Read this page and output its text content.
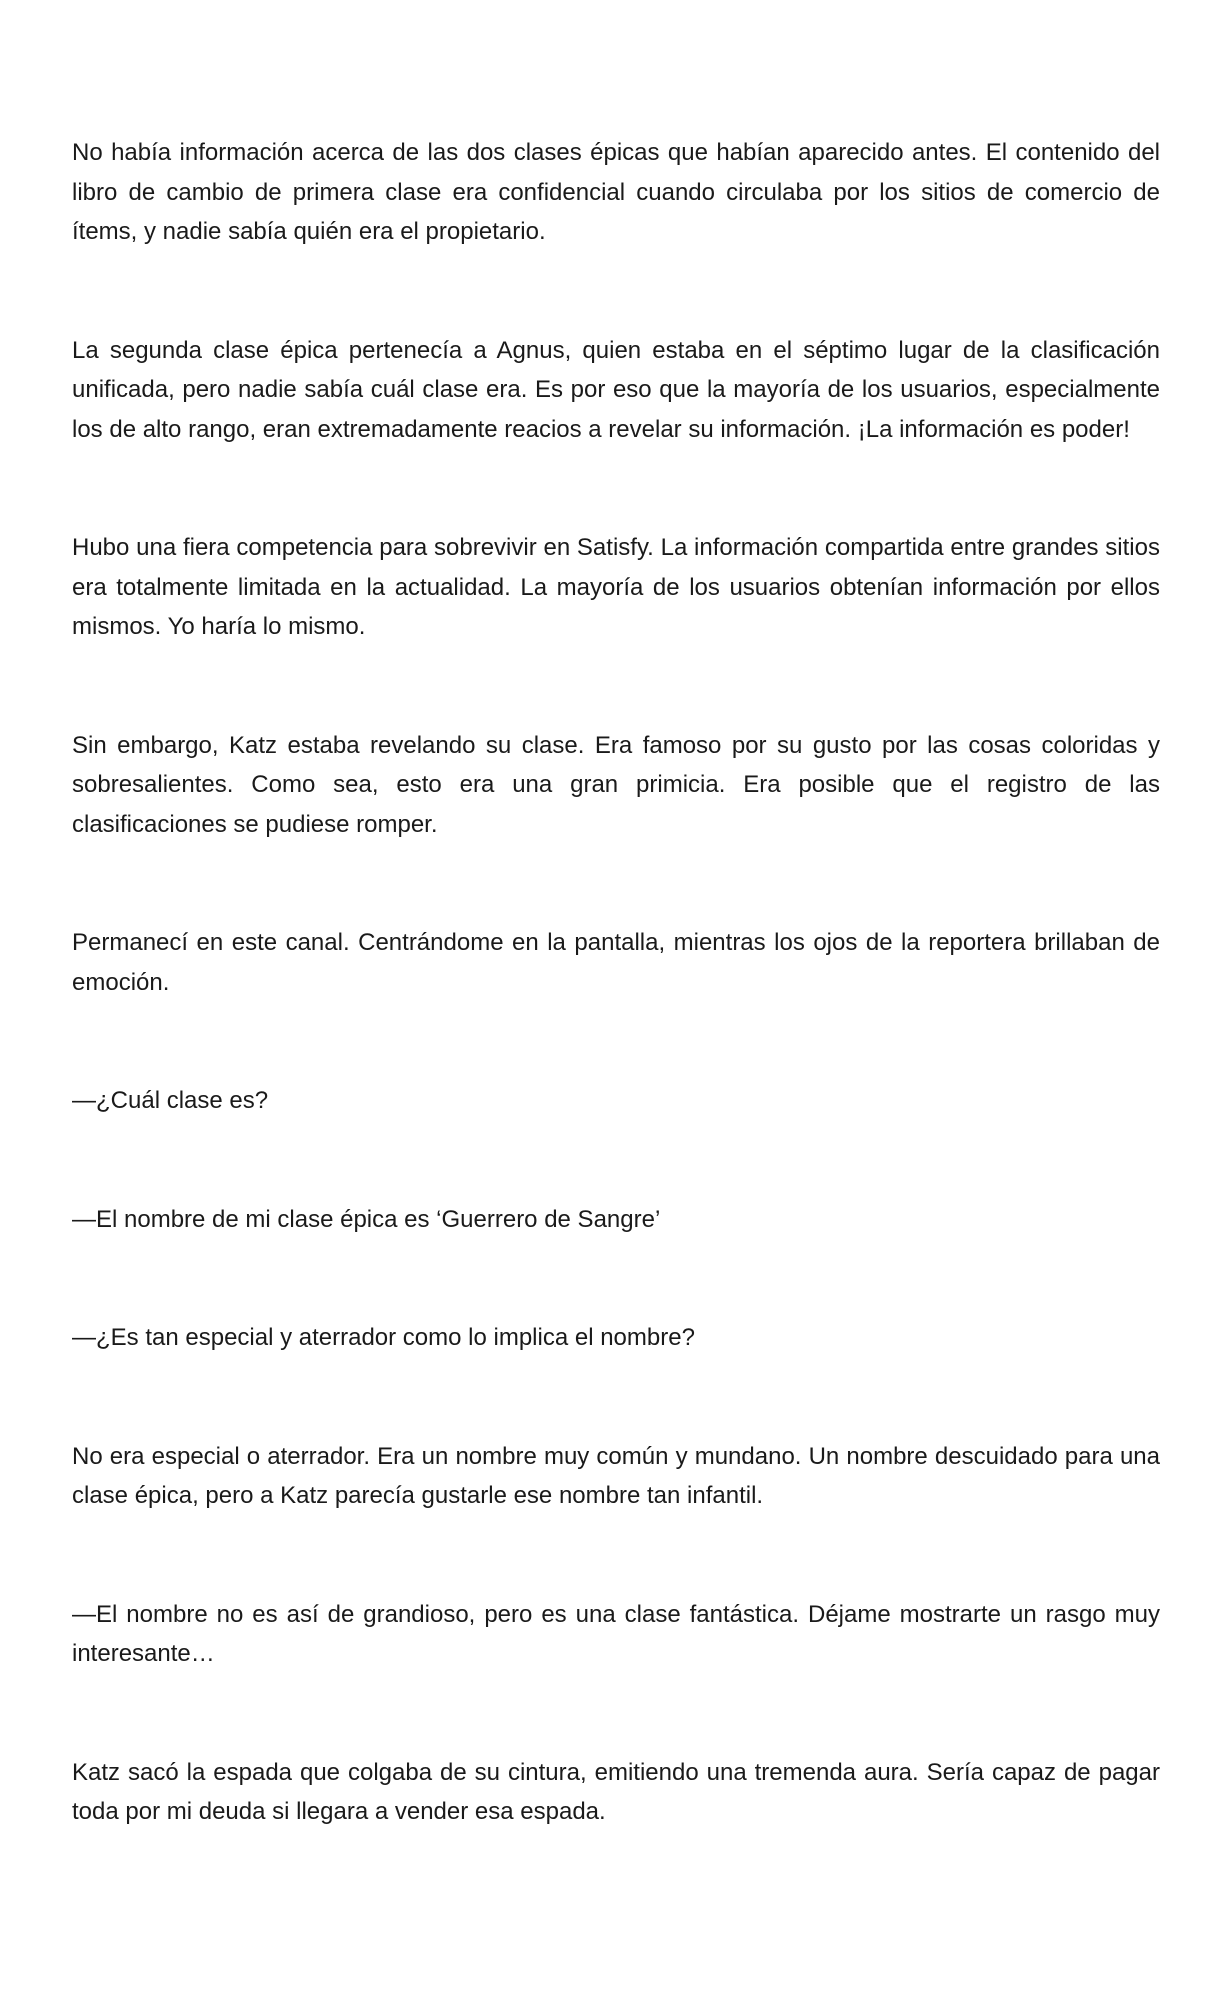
No había información acerca de las dos clases épicas que habían aparecido antes. El contenido del libro de cambio de primera clase era confidencial cuando circulaba por los sitios de comercio de ítems, y nadie sabía quién era el propietario.

La segunda clase épica pertenecía a Agnus, quien estaba en el séptimo lugar de la clasificación unificada, pero nadie sabía cuál clase era. Es por eso que la mayoría de los usuarios, especialmente los de alto rango, eran extremadamente reacios a revelar su información. ¡La información es poder!

Hubo una fiera competencia para sobrevivir en Satisfy. La información compartida entre grandes sitios era totalmente limitada en la actualidad. La mayoría de los usuarios obtenían información por ellos mismos. Yo haría lo mismo.

Sin embargo, Katz estaba revelando su clase. Era famoso por su gusto por las cosas coloridas y sobresalientes. Como sea, esto era una gran primicia. Era posible que el registro de las clasificaciones se pudiese romper.

Permanecí en este canal. Centrándome en la pantalla, mientras los ojos de la reportera brillaban de emoción.

—¿Cuál clase es?

—El nombre de mi clase épica es ‘Guerrero de Sangre’

—¿Es tan especial y aterrador como lo implica el nombre?

No era especial o aterrador. Era un nombre muy común y mundano. Un nombre descuidado para una clase épica, pero a Katz parecía gustarle ese nombre tan infantil.

—El nombre no es así de grandioso, pero es una clase fantástica. Déjame mostrarte un rasgo muy interesante…

Katz sacó la espada que colgaba de su cintura, emitiendo una tremenda aura. Sería capaz de pagar toda por mi deuda si llegara a vender esa espada.
